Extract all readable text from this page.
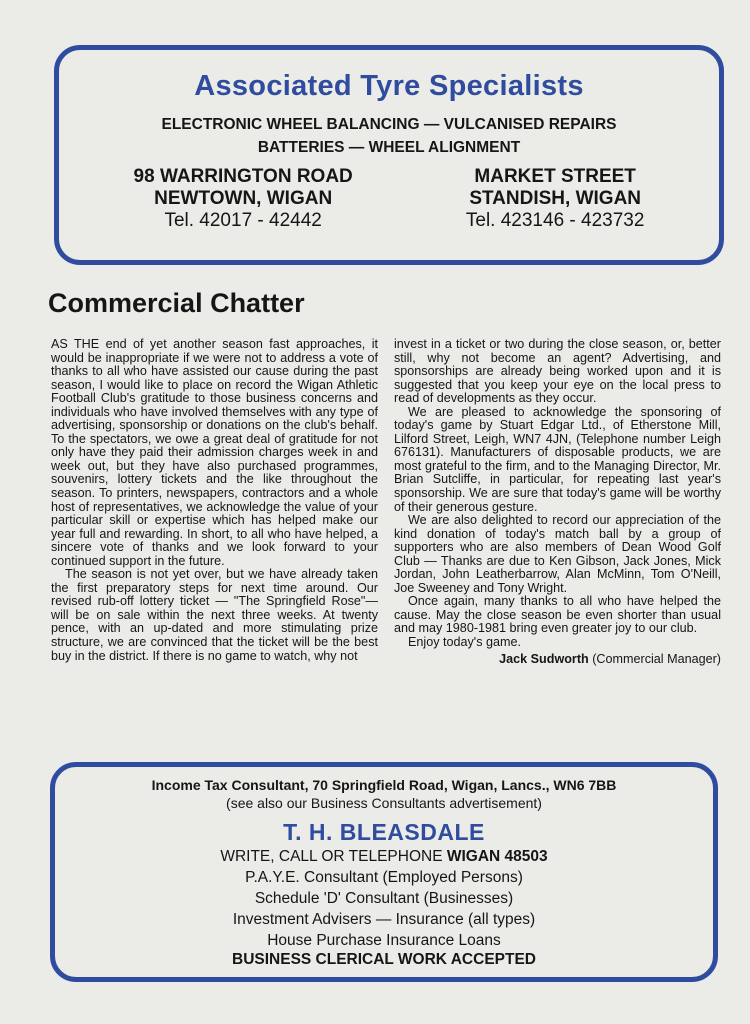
Associated Tyre Specialists
ELECTRONIC WHEEL BALANCING — VULCANISED REPAIRS
BATTERIES — WHEEL ALIGNMENT
98 WARRINGTON ROAD
NEWTOWN, WIGAN
Tel. 42017 - 42442
MARKET STREET
STANDISH, WIGAN
Tel. 423146 - 423732
Commercial Chatter

AS THE end of yet another season fast approaches, it would be inappropriate if we were not to address a vote of thanks to all who have assisted our cause during the past season, I would like to place on record the Wigan Athletic Football Club's gratitude to those business concerns and individuals who have involved themselves with any type of advertising, sponsorship or donations on the club's behalf. To the spectators, we owe a great deal of gratitude for not only have they paid their admission charges week in and week out, but they have also purchased programmes, souvenirs, lottery tickets and the like throughout the season. To printers, newspapers, contractors and a whole host of representatives, we acknowledge the value of your particular skill or expertise which has helped make our year full and rewarding. In short, to all who have helped, a sincere vote of thanks and we look forward to your continued support in the future.

The season is not yet over, but we have already taken the first preparatory steps for next time around. Our revised rub-off lottery ticket — "The Springfield Rose"—will be on sale within the next three weeks. At twenty pence, with an up-dated and more stimulating prize structure, we are convinced that the ticket will be the best buy in the district. If there is no game to watch, why not

invest in a ticket or two during the close season, or, better still, why not become an agent? Advertising, and sponsorships are already being worked upon and it is suggested that you keep your eye on the local press to read of developments as they occur.

We are pleased to acknowledge the sponsoring of today's game by Stuart Edgar Ltd., of Etherstone Mill, Lilford Street, Leigh, WN7 4JN, (Telephone number Leigh 676131). Manufacturers of disposable products, we are most grateful to the firm, and to the Managing Director, Mr. Brian Sutcliffe, in particular, for repeating last year's sponsorship. We are sure that today's game will be worthy of their generous gesture.

We are also delighted to record our appreciation of the kind donation of today's match ball by a group of supporters who are also members of Dean Wood Golf Club — Thanks are due to Ken Gibson, Jack Jones, Mick Jordan, John Leatherbarrow, Alan McMinn, Tom O'Neill, Joe Sweeney and Tony Wright.

Once again, many thanks to all who have helped the cause. May the close season be even shorter than usual and may 1980-1981 bring even greater joy to our club.

Enjoy today's game.

Jack Sudworth (Commercial Manager)
Income Tax Consultant, 70 Springfield Road, Wigan, Lancs., WN6 7BB
(see also our Business Consultants advertisement)
T. H. BLEASDALE
WRITE, CALL OR TELEPHONE WIGAN 48503
P.A.Y.E. Consultant (Employed Persons)
Schedule 'D' Consultant (Businesses)
Investment Advisers — Insurance (all types)
House Purchase Insurance Loans
BUSINESS CLERICAL WORK ACCEPTED
